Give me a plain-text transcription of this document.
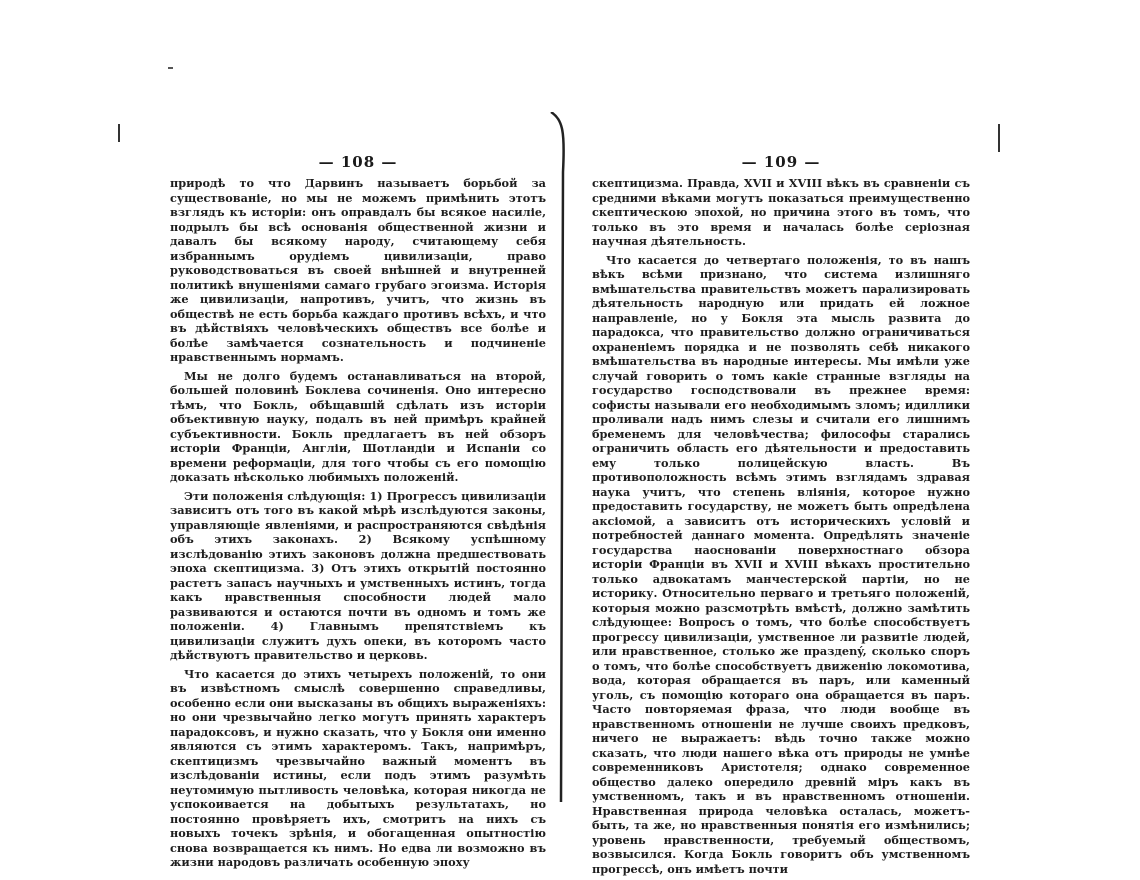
— 108 —

природѣ то что Дарвинъ называетъ борьбой за существованіе, но мы не можемъ примѣнить этотъ взглядъ къ исторіи: онъ оправдалъ бы всякое насиліе, подрылъ бы всѣ основанія общественной жизни и давалъ бы всякому народу, считающему себя избраннымъ орудіемъ цивилизаціи, право руководствоваться въ своей внѣшней и внутренней политикѣ внушеніями самаго грубаго эгоизма. Исторія же цивилизаціи, напротивъ, учитъ, что жизнь въ обществѣ не есть борьба каждаго противъ всѣхъ, и что въ дѣйствіяхъ человѣческихъ обществъ все болѣе и болѣе замѣчается сознательность и подчиненіе нравственнымъ нормамъ.

Мы не долго будемъ останавливаться на второй, большей половинѣ Боклева сочиненія. Оно интересно тѣмъ, что Бокль, обѣщавшій сдѣлать изъ исторіи объективную науку, подалъ въ ней примѣръ крайней субъективности. Бокль предлагаетъ въ ней обзоръ исторіи Франціи, Англіи, Шотландіи и Испаніи со времени реформаціи, для того чтобы съ его помощію доказать нѣсколько любимыхъ положеній.

Эти положенія слѣдующія: 1) Прогрессъ цивилизаціи зависитъ отъ того въ какой мѣрѣ изслѣдуются законы, управляющіе явленіями, и распространяются свѣдѣнія объ этихъ законахъ. 2) Всякому успѣшному изслѣдованію этихъ законовъ должна предшествовать эпоха скептицизма. 3) Отъ этихъ открытій постоянно растетъ запасъ научныхъ и умственныхъ истинъ, тогда какъ нравственныя способности людей мало развиваются и остаются почти въ одномъ и томъ же положеніи. 4) Главнымъ препятствіемъ къ цивилизаціи служитъ духъ опеки, въ которомъ часто дѣйствуютъ правительство и церковь.

Что касается до этихъ четырехъ положеній, то они въ извѣстномъ смыслѣ совершенно справедливы, особенно если они высказаны въ общихъ выраженіяхъ: но они чрезвычайно легко могутъ принять характеръ парадоксовъ, и нужно сказать, что у Бокля они именно являются съ этимъ характеромъ. Такъ, напримѣръ, скептицизмъ чрезвычайно важный моментъ въ изслѣдованіи истины, если подъ этимъ разумѣть неутомимую пытливость человѣка, которая никогда не успокоивается на добытыхъ результатахъ, но постоянно провѣряетъ ихъ, смотритъ на нихъ съ новыхъ точекъ зрѣнія, и обогащенная опытностію снова возвращается къ нимъ. Но едва ли возможно въ жизни народовъ различать особенную эпоху

— 109 —

скептицизма. Правда, XVII и XVIII вѣкъ въ сравненіи съ средними вѣками могутъ показаться преимущественно скептическою эпохой, но причина этого въ томъ, что только въ это время и началась болѣе серіозная научная дѣятельность.

Что касается до четвертаго положенія, то въ нашъ вѣкъ всѣми признано, что система излишняго вмѣшательства правительствъ можетъ парализировать дѣятельность народную или придать ей ложное направленіе, но у Бокля эта мысль развита до парадокса, что правительство должно ограничиваться охраненіемъ порядка и не позволять себѣ никакого вмѣшательства въ народные интересы. Мы имѣли уже случай говорить о томъ какіе странные взгляды на государство господствовали въ прежнее время: софисты называли его необходимымъ зломъ; идиллики проливали надъ нимъ слезы и считали его лишнимъ бременемъ для человѣчества; философы старались ограничить область его дѣятельности и предоставить ему только полицейскую власть. Въ противоположность всѣмъ этимъ взглядамъ здравая наука учитъ, что степень вліянія, которое нужно предоставить государству, не можетъ быть опредѣлена аксіомой, а зависитъ отъ историческихъ условій и потребностей даннаго момента. Опредѣлять значеніе государства наоснованіи поверхностнаго обзора исторіи Франціи въ XVII и XVIII вѣкахъ простительно только адвокатамъ манчестерской партіи, но не историку. Относительно перваго и третьяго положеній, которыя можно разсмотрѣть вмѣстѣ, должно замѣтить слѣдующее: Вопросъ о томъ, что болѣе способствуетъ прогрессу цивилизаціи, умственное ли развитіе людей, или нравственное, столько же праздený, сколько споръ о томъ, что болѣе способствуетъ движенію локомотива, вода, которая обращается въ паръ, или каменный уголь, съ помощію котораго она обращается въ паръ. Часто повторяемая фраза, что люди вообще въ нравственномъ отношеніи не лучше своихъ предковъ, ничего не выражаетъ: вѣдь точно также можно сказать, что люди нашего вѣка отъ природы не умнѣе современниковъ Аристотеля; однако современное общество далеко опередило древній міръ какъ въ умственномъ, такъ и въ нравственномъ отношеніи. Нравственная природа человѣка осталась, можетъ-быть, та же, но нравственныя понятія его измѣнились; уровень нравственности, требуемый обществомъ, возвысился. Когда Бокль говоритъ объ умственномъ прогрессѣ, онъ имѣетъ почти
